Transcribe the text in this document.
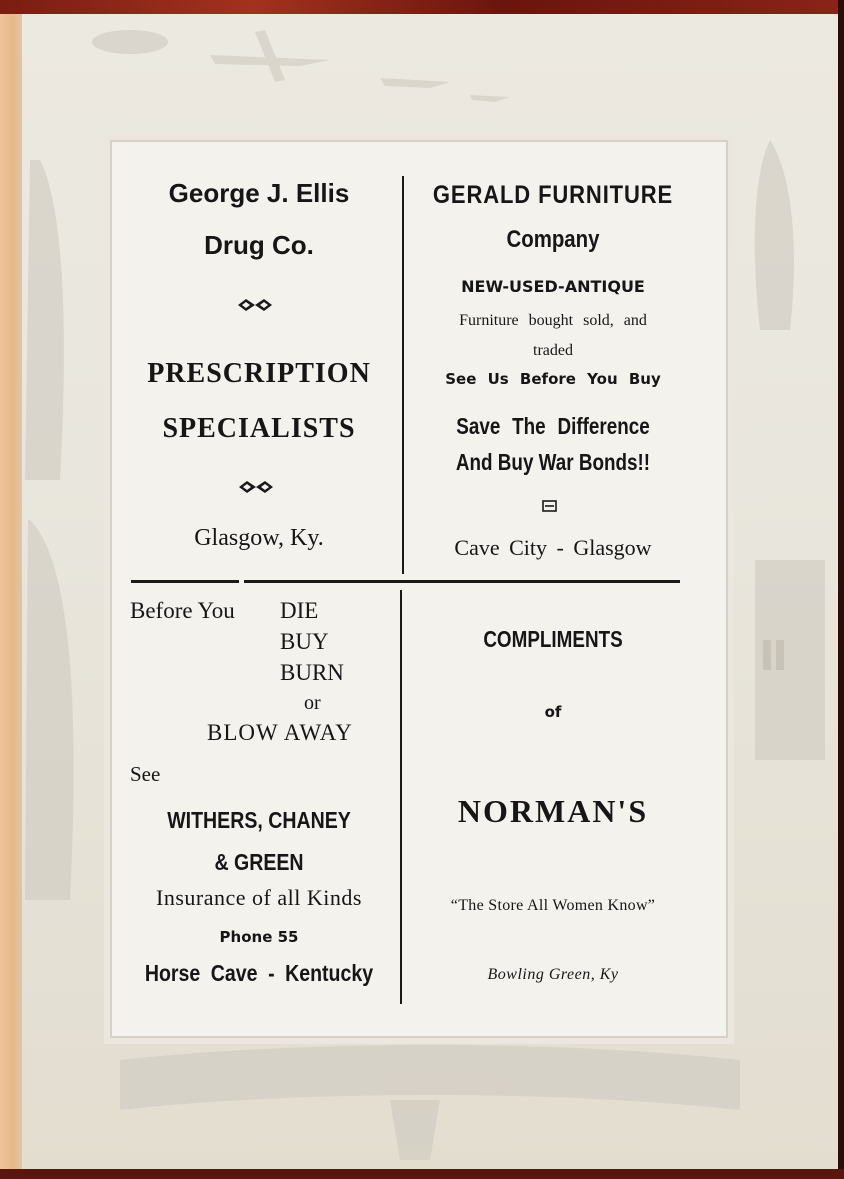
George J. Ellis
Drug Co.
PRESCRIPTION
SPECIALISTS
Glasgow, Ky.
GERALD FURNITURE
Company
NEW-USED-ANTIQUE
Furniture bought sold, and
traded
See Us Before You Buy
Save The Difference
And Buy War Bonds!!
Cave City - Glasgow
Before You DIE
BUY
BURN
or
BLOW AWAY
See
WITHERS, CHANEY
& GREEN
Insurance of all Kinds
Phone 55
Horse Cave - Kentucky
COMPLIMENTS
of
NORMAN'S
“The Store All Women Know”
Bowling Green, Ky
